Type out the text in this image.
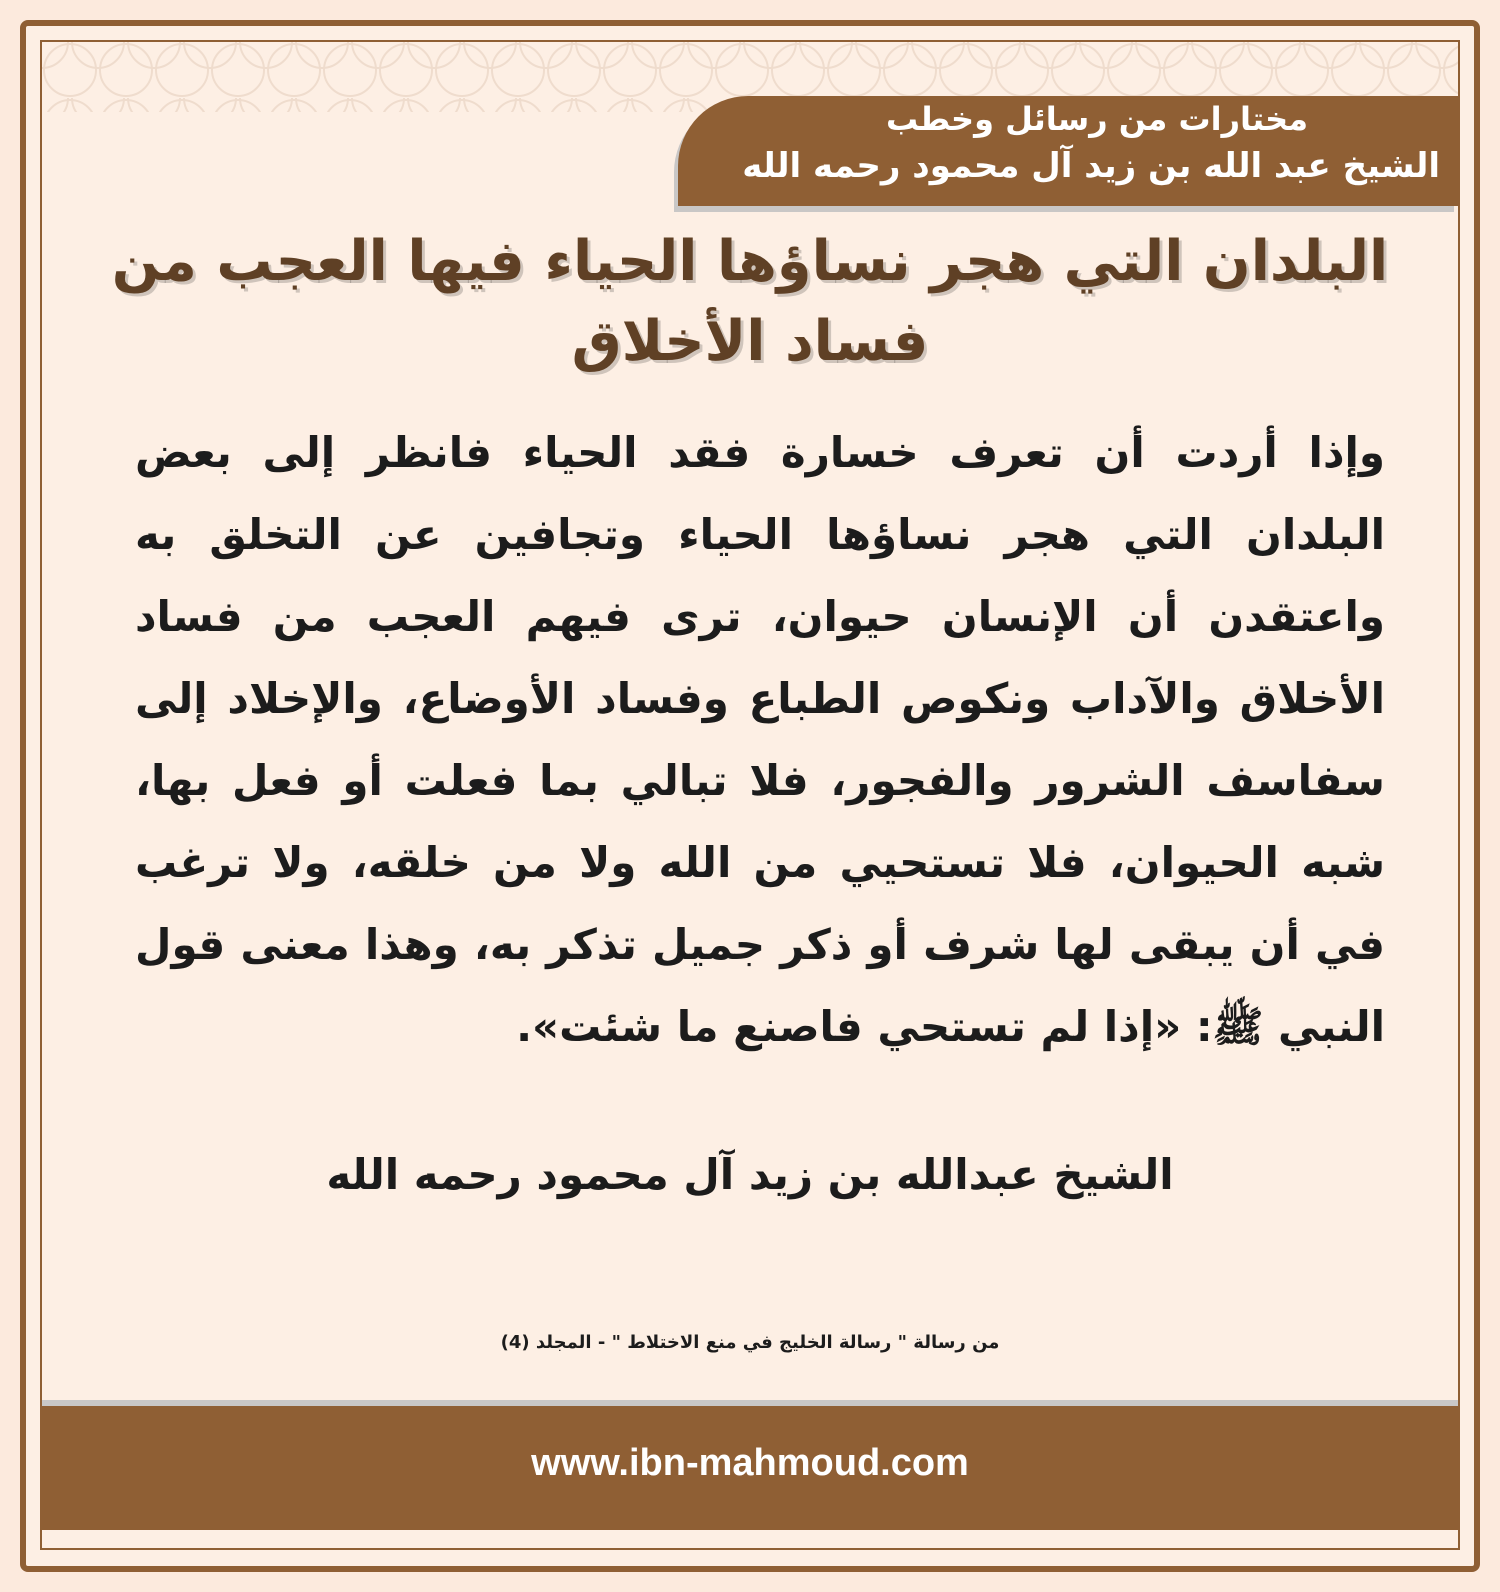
مختارات من رسائل وخطب
الشيخ عبد الله بن زيد آل محمود رحمه الله
البلدان التي هجر نساؤها الحياء فيها العجب من فساد الأخلاق
وإذا أردت أن تعرف خسارة فقد الحياء فانظر إلى بعض البلدان التي هجر نساؤها الحياء وتجافين عن التخلق به واعتقدن أن الإنسان حيوان، ترى فيهم العجب من فساد الأخلاق والآداب ونكوص الطباع وفساد الأوضاع، والإخلاد إلى سفاسف الشرور والفجور، فلا تبالي بما فعلت أو فعل بها، شبه الحيوان، فلا تستحيي من الله ولا من خلقه، ولا ترغب في أن يبقى لها شرف أو ذكر جميل تذكر به، وهذا معنى قول النبي ﷺ: «إذا لم تستحي فاصنع ما شئت».
الشيخ عبدالله بن زيد آل محمود رحمه الله
من رسالة " رسالة الخليج في منع الاختلاط " - المجلد (4)
www.ibn-mahmoud.com
